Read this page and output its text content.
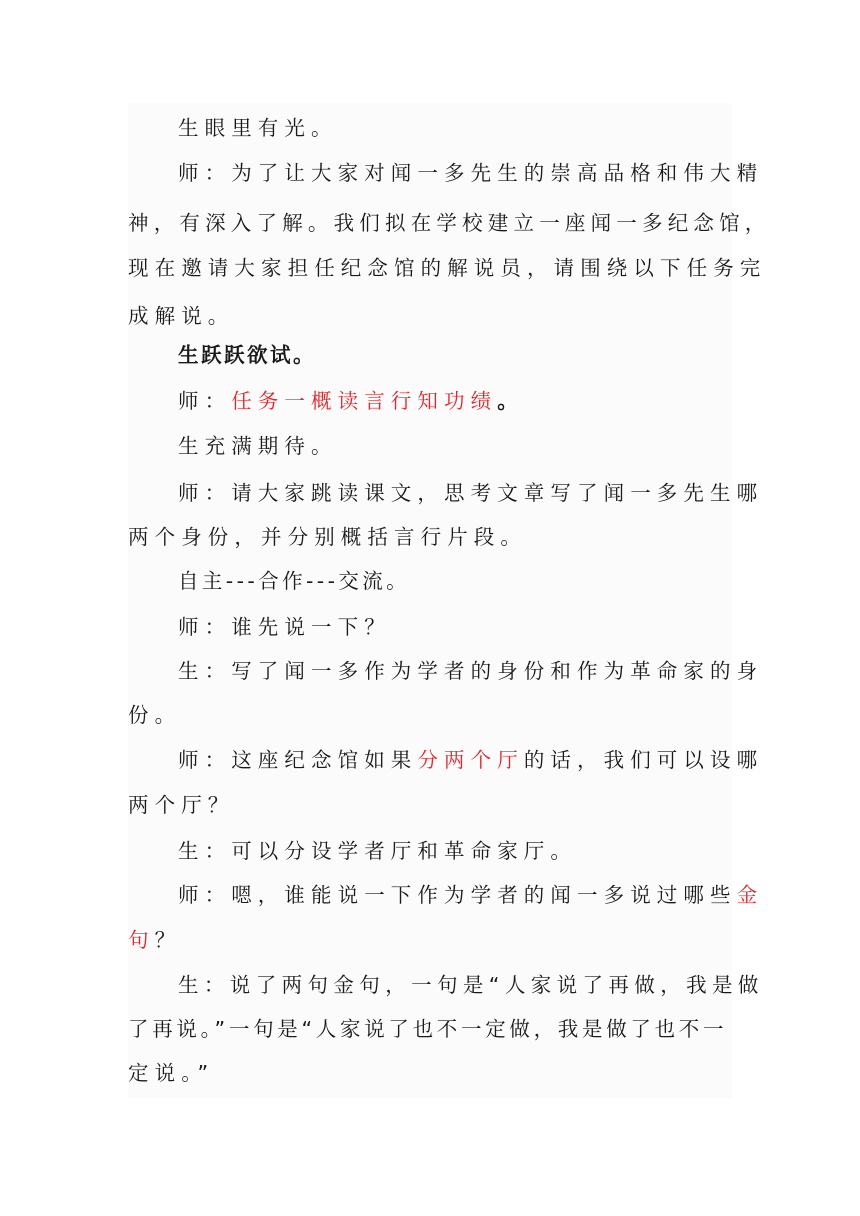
生眼里有光。
师：为了让大家对闻一多先生的崇高品格和伟大精
神，有深入了解。我们拟在学校建立一座闻一多纪念馆，
现在邀请大家担任纪念馆的解说员，请围绕以下任务完
成解说。
生跃跃欲试。
师：任务一概读言行知功绩。
生充满期待。
师：请大家跳读课文，思考文章写了闻一多先生哪
两个身份，并分别概括言行片段。
自主---合作---交流。
师：谁先说一下？
生：写了闻一多作为学者的身份和作为革命家的身
份。
师：这座纪念馆如果分两个厅的话，我们可以设哪
两个厅？
生：可以分设学者厅和革命家厅。
师：嗯，谁能说一下作为学者的闻一多说过哪些金
句？
生：说了两句金句，一句是“人家说了再做，我是做
了再说。”一句是“人家说了也不一定做，我是做了也不一
定说。”
